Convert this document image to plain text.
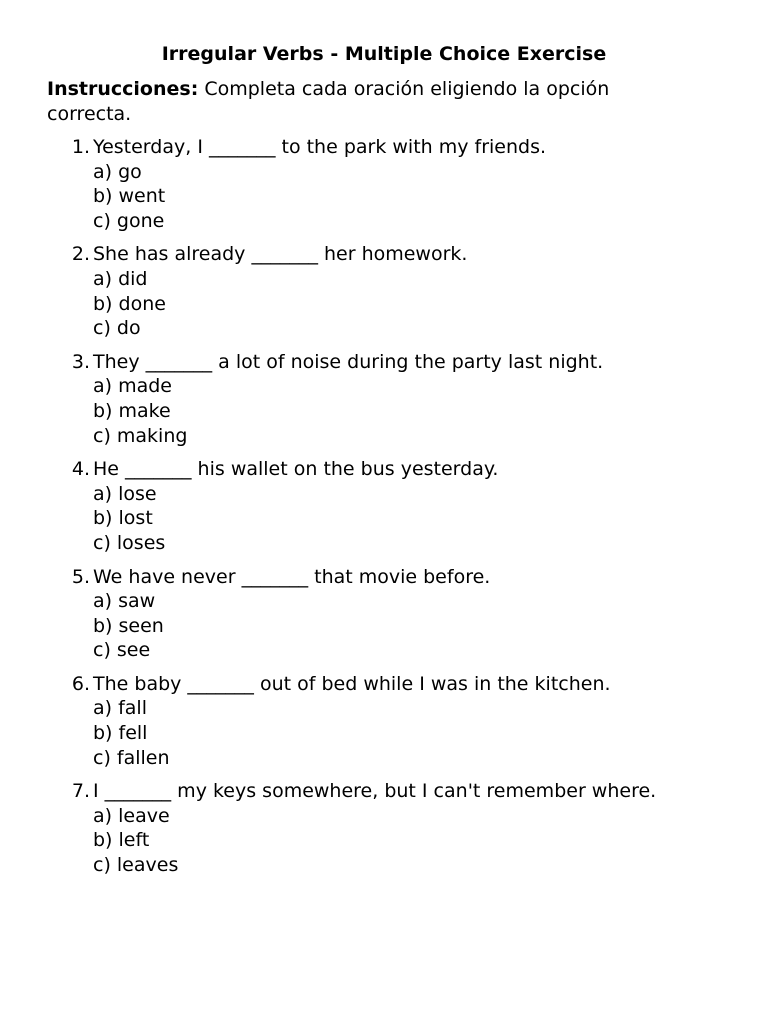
Irregular Verbs - Multiple Choice Exercise
Instrucciones: Completa cada oración eligiendo la opción correcta.
1. Yesterday, I _______ to the park with my friends.
a) go
b) went
c) gone
2. She has already _______ her homework.
a) did
b) done
c) do
3. They _______ a lot of noise during the party last night.
a) made
b) make
c) making
4. He _______ his wallet on the bus yesterday.
a) lose
b) lost
c) loses
5. We have never _______ that movie before.
a) saw
b) seen
c) see
6. The baby _______ out of bed while I was in the kitchen.
a) fall
b) fell
c) fallen
7. I _______ my keys somewhere, but I can't remember where.
a) leave
b) left
c) leaves
